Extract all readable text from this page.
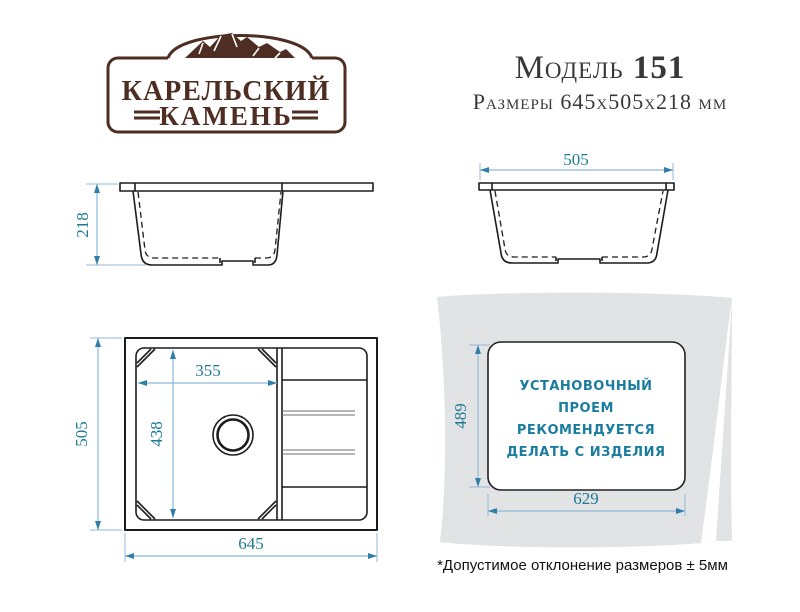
КАРЕЛЬСКИЙ
КАМЕНЬ
Модель 151
Размеры 645х505х218 мм
218
505
505
645
355
438
УСТАНОВОЧНЫЙ
ПРОЕМ
РЕКОМЕНДУЕТСЯ
ДЕЛАТЬ С ИЗДЕЛИЯ
489
629
*Допустимое отклонение размеров ± 5мм
